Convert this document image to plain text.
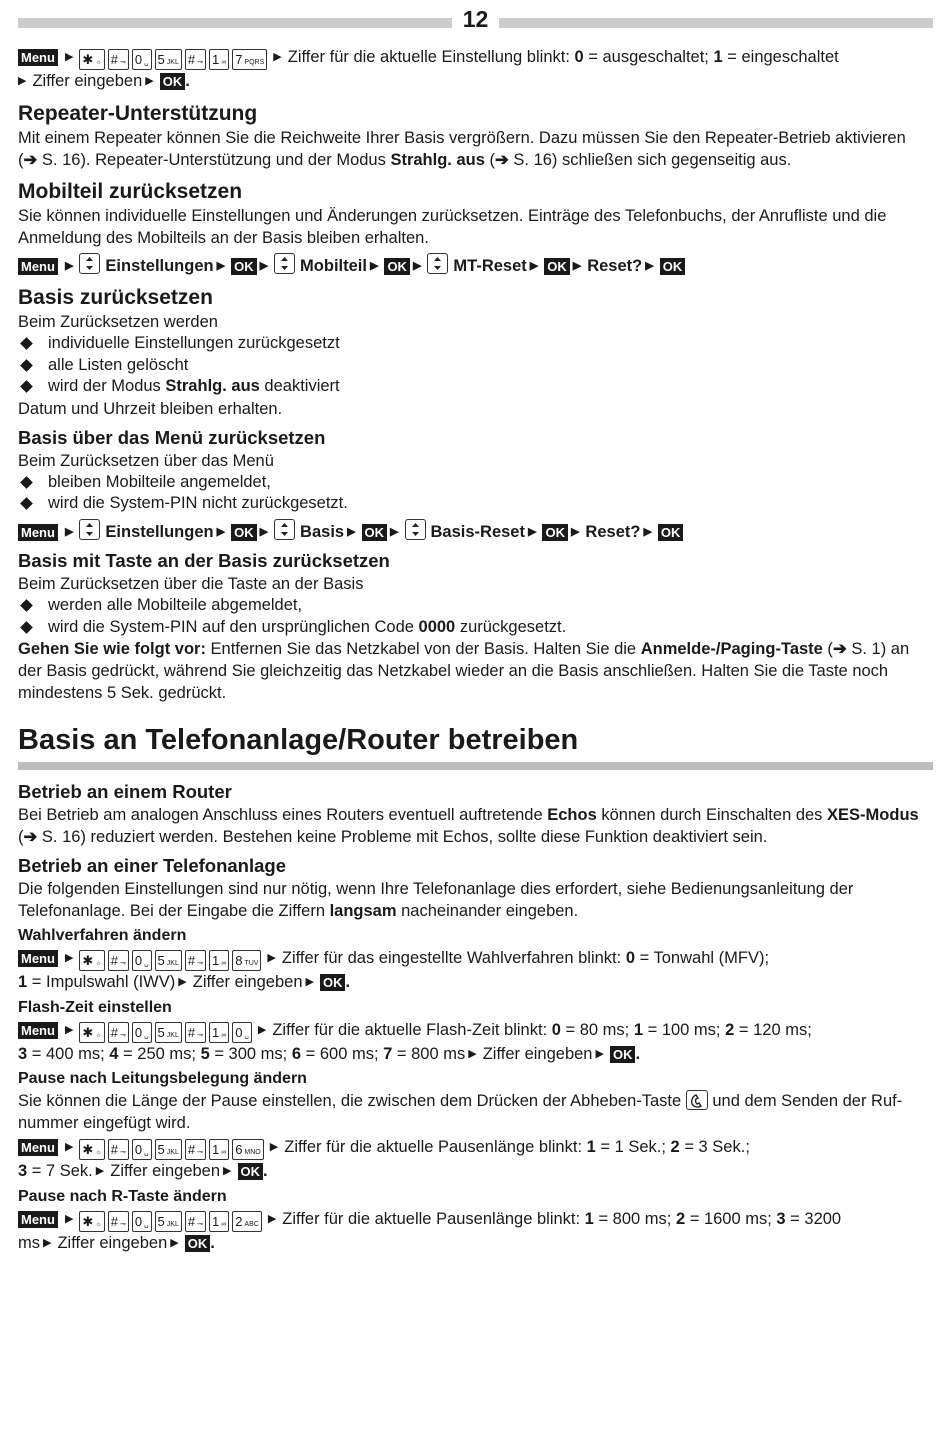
12
Menu ▶ ✱ ☼ # ⊸ 0 ␣ 5 JKL # ⊸ 1 ∞ 7 PQRS ▶ Ziffer für die aktuelle Einstellung blinkt: 0 = ausgeschaltet; 1 = eingeschaltet
▶ Ziffer eingeben ▶ OK .
Repeater-Unterstützung
Mit einem Repeater können Sie die Reichweite Ihrer Basis vergrößern. Dazu müssen Sie den Repeater-Betrieb aktivieren
(➔ S. 16). Repeater-Unterstützung und der Modus Strahlg. aus (➔ S. 16) schließen sich gegenseitig aus.
Mobilteil zurücksetzen
Sie können individuelle Einstellungen und Änderungen zurücksetzen. Einträge des Telefonbuchs, der Anrufliste und die Anmeldung des Mobilteils an der Basis bleiben erhalten.
Menu ▶ Einstellungen ▶ OK ▶ Mobilteil ▶ OK ▶ MT-Reset ▶ OK ▶ Reset? ▶ OK
Basis zurücksetzen
Beim Zurücksetzen werden
individuelle Einstellungen zurückgesetzt
alle Listen gelöscht
wird der Modus Strahlg. aus deaktiviert
Datum und Uhrzeit bleiben erhalten.
Basis über das Menü zurücksetzen
Beim Zurücksetzen über das Menü
bleiben Mobilteile angemeldet,
wird die System-PIN nicht zurückgesetzt.
Menu ▶ Einstellungen ▶ OK ▶ Basis ▶ OK ▶ Basis-Reset ▶ OK ▶ Reset? ▶ OK
Basis mit Taste an der Basis zurücksetzen
Beim Zurücksetzen über die Taste an der Basis
werden alle Mobilteile abgemeldet,
wird die System-PIN auf den ursprünglichen Code 0000 zurückgesetzt.
Gehen Sie wie folgt vor: Entfernen Sie das Netzkabel von der Basis. Halten Sie die Anmelde-/Paging-Taste (➔ S. 1) an der Basis gedrückt, während Sie gleichzeitig das Netzkabel wieder an die Basis anschließen. Halten Sie die Taste noch mindestens 5 Sek. gedrückt.
Basis an Telefonanlage/Router betreiben
Betrieb an einem Router
Bei Betrieb am analogen Anschluss eines Routers eventuell auftretende Echos können durch Einschalten des XES-Modus (➔ S. 16) reduziert werden. Bestehen keine Probleme mit Echos, sollte diese Funktion deaktiviert sein.
Betrieb an einer Telefonanlage
Die folgenden Einstellungen sind nur nötig, wenn Ihre Telefonanlage dies erfordert, siehe Bedienungsanleitung der Telefonanlage. Bei der Eingabe die Ziffern langsam nacheinander eingeben.
Wahlverfahren ändern
Menu ▶ ✱ ☼ # ⊸ 0 ␣ 5 JKL # ⊸ 1 ∞ 8 TUV ▶ Ziffer für das eingestellte Wahlverfahren blinkt: 0 = Tonwahl (MFV);
1 = Impulswahl (IWV) ▶ Ziffer eingeben ▶ OK .
Flash-Zeit einstellen
Menu ▶ ✱ ☼ # ⊸ 0 ␣ 5 JKL # ⊸ 1 ∞ 0 ␣ ▶ Ziffer für die aktuelle Flash-Zeit blinkt: 0 = 80 ms; 1 = 100 ms; 2 = 120 ms;
3 = 400 ms; 4 = 250 ms; 5 = 300 ms; 6 = 600 ms; 7 = 800 ms ▶ Ziffer eingeben ▶ OK .
Pause nach Leitungsbelegung ändern
Sie können die Länge der Pause einstellen, die zwischen dem Drücken der Abheben-Taste  und dem Senden der Ruf-
nummer eingefügt wird.
Menu ▶ ✱ ☼ # ⊸ 0 ␣ 5 JKL # ⊸ 1 ∞ 6 MNO ▶ Ziffer für die aktuelle Pausenlänge blinkt: 1 = 1 Sek.; 2 = 3 Sek.;
3 = 7 Sek. ▶ Ziffer eingeben ▶ OK .
Pause nach R-Taste ändern
Menu ▶ ✱ ☼ # ⊸ 0 ␣ 5 JKL # ⊸ 1 ∞ 2 ABC ▶ Ziffer für die aktuelle Pausenlänge blinkt: 1 = 800 ms; 2 = 1600 ms; 3 = 3200
ms ▶ Ziffer eingeben ▶ OK .
